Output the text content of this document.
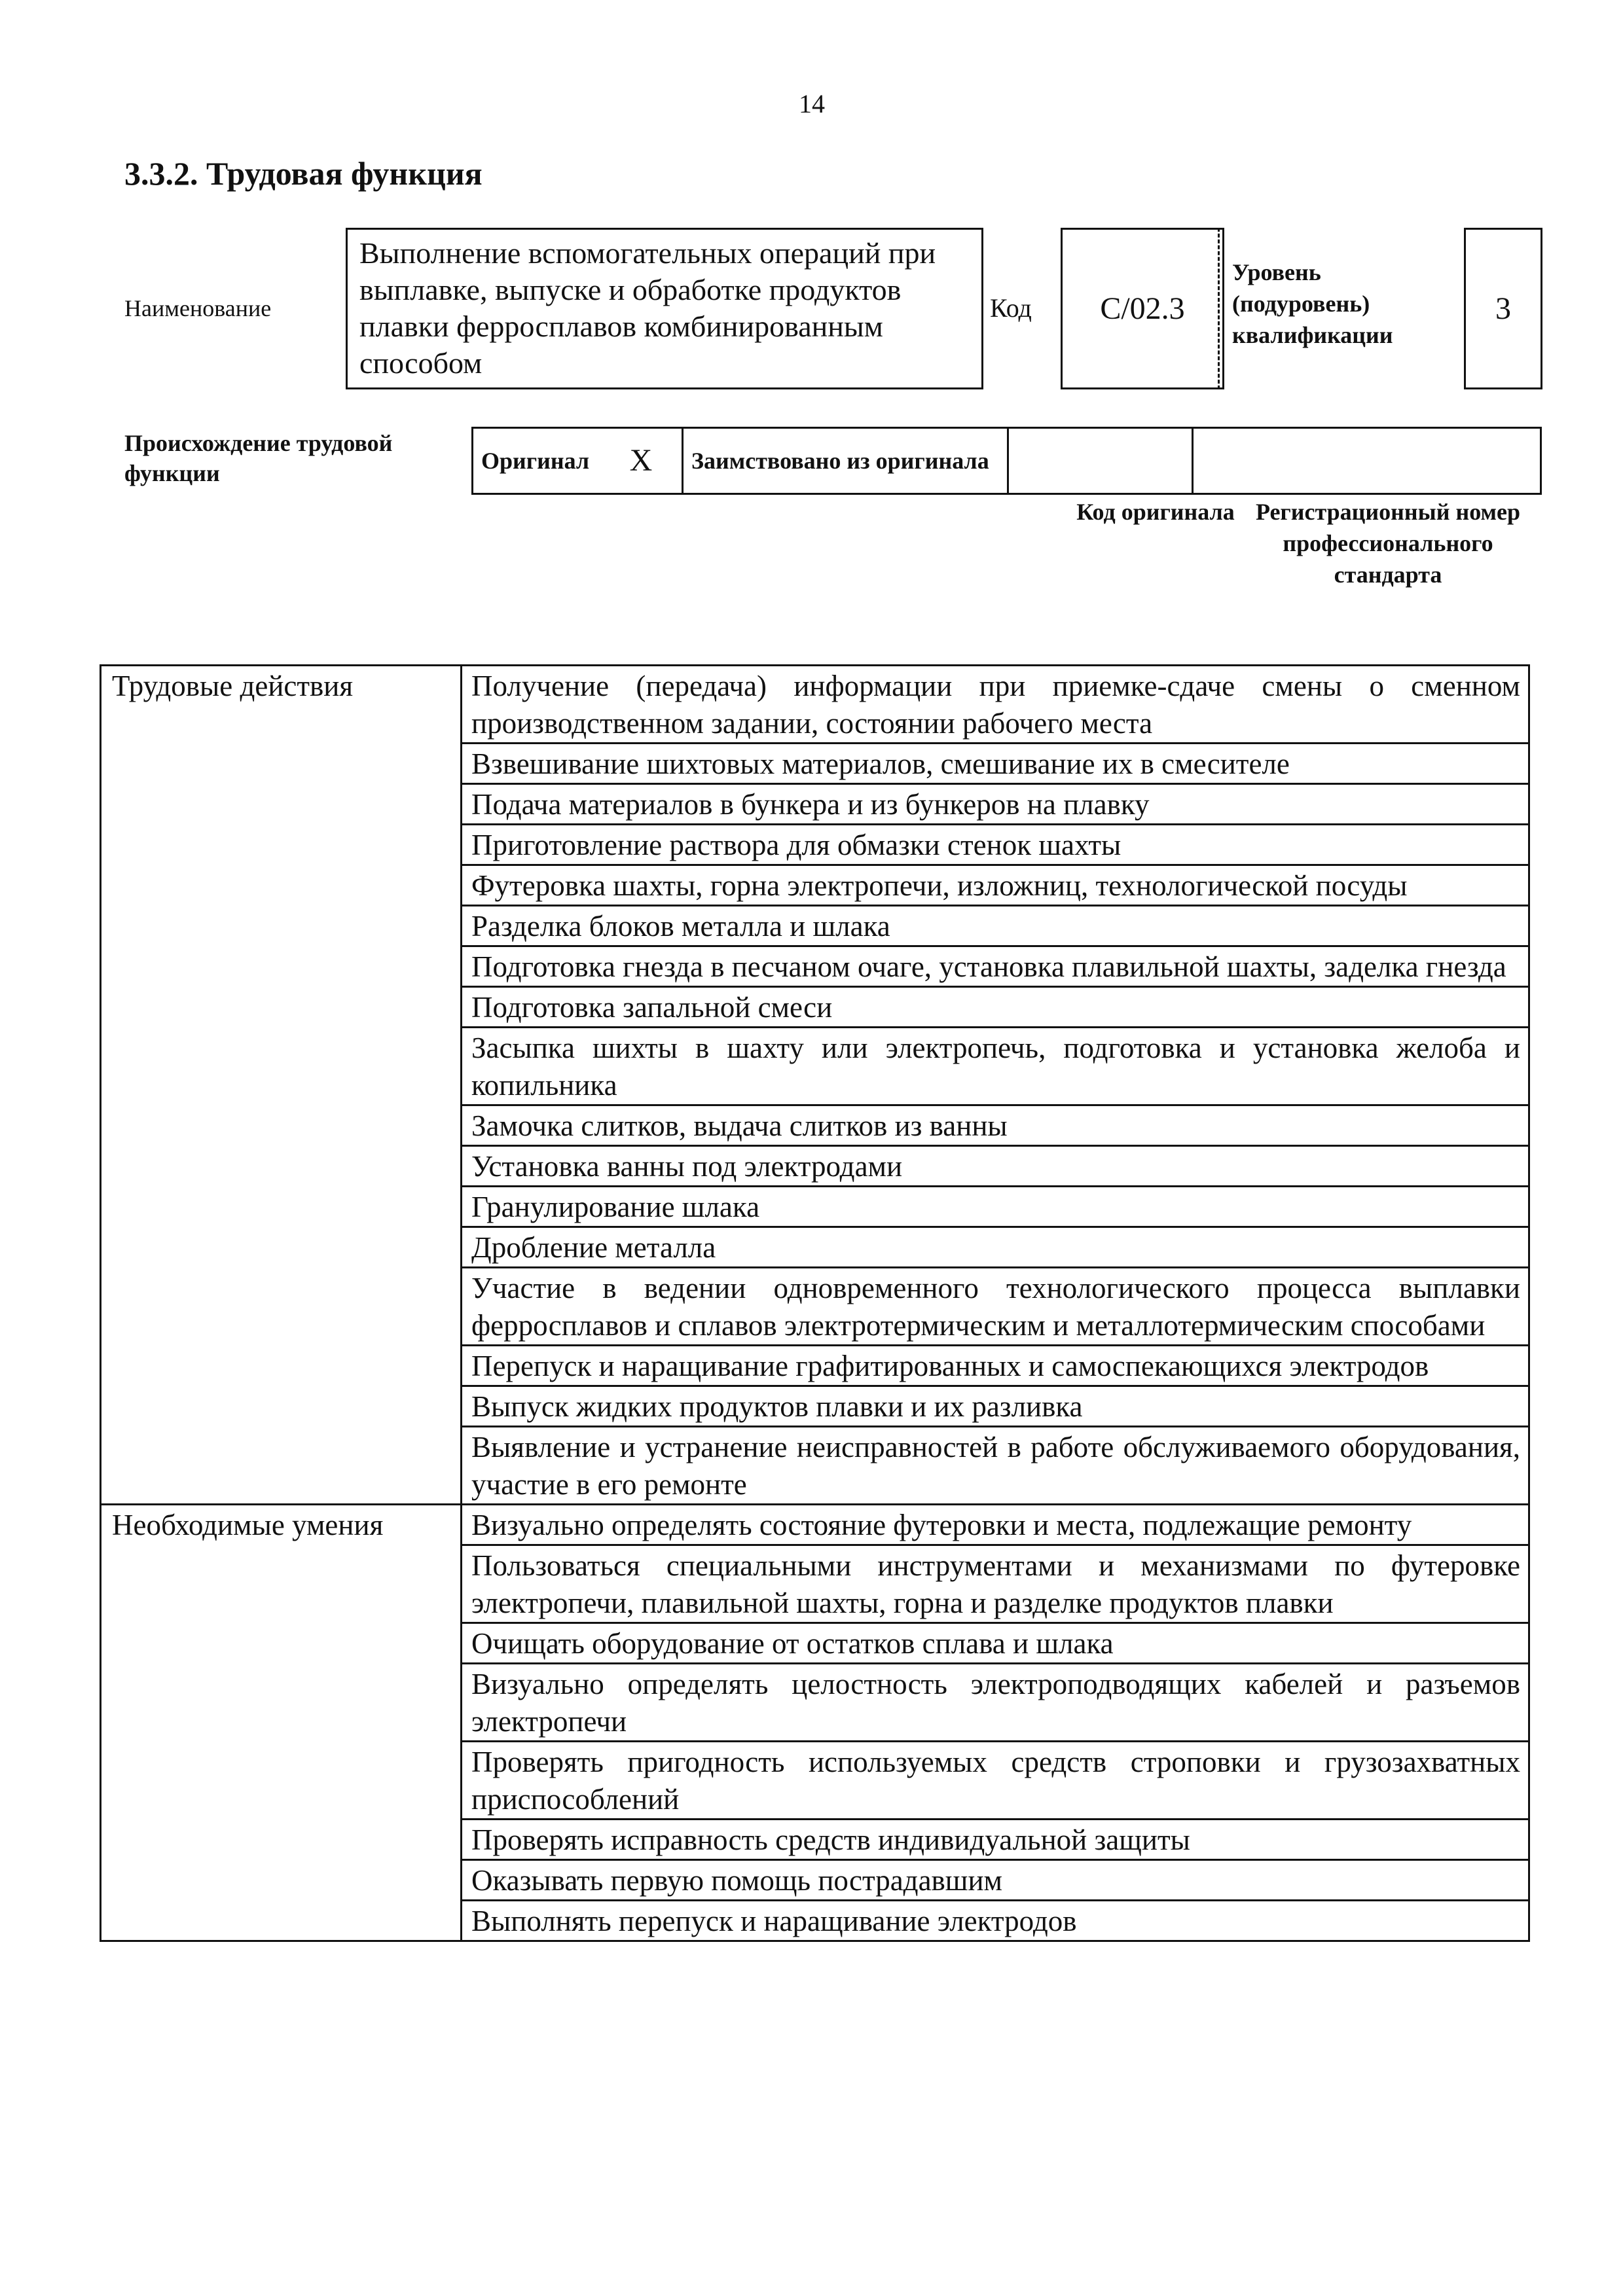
14
3.3.2. Трудовая функция
Наименование
Выполнение вспомогательных операций при выплавке, выпуске и обработке продуктов плавки ферросплавов комбинированным способом
Код	С/02.3
Уровень
(подуровень)
квалификации
3
Происхождение трудовой функции	Оригинал	X	Заимствовано из оригинала		
Код оригинала Регистрационный номер профессионального стандарта
Трудовые действия	Получение (передача) информации при приемке-сдаче смены о сменном производственном задании, состоянии рабочего места
	Взвешивание шихтовых материалов, смешивание их в смесителе
	Подача материалов в бункера и из бункеров на плавку
	Приготовление раствора для обмазки стенок шахты
	Футеровка шахты, горна электропечи, изложниц, технологической посуды
	Разделка блоков металла и шлака
	Подготовка гнезда в песчаном очаге, установка плавильной шахты, заделка гнезда
	Подготовка запальной смеси
	Засыпка шихты в шахту или электропечь, подготовка и установка желоба и копильника
	Замочка слитков, выдача слитков из ванны
	Установка ванны под электродами
	Гранулирование шлака
	Дробление металла
	Участие в ведении одновременного технологического процесса выплавки ферросплавов и сплавов электротермическим и металлотермическим способами
	Перепуск и наращивание графитированных и самоспекающихся электродов
	Выпуск жидких продуктов плавки и их разливка
	Выявление и устранение неисправностей в работе обслуживаемого оборудования, участие в его ремонте
Необходимые умения	Визуально определять состояние футеровки и места, подлежащие ремонту
	Пользоваться специальными инструментами и механизмами по футеровке электропечи, плавильной шахты, горна и разделке продуктов плавки
	Очищать оборудование от остатков сплава и шлака
	Визуально определять целостность электроподводящих кабелей и разъемов электропечи
	Проверять пригодность используемых средств строповки и грузозахватных приспособлений
	Проверять исправность средств индивидуальной защиты
	Оказывать первую помощь пострадавшим
	Выполнять перепуск и наращивание электродов
